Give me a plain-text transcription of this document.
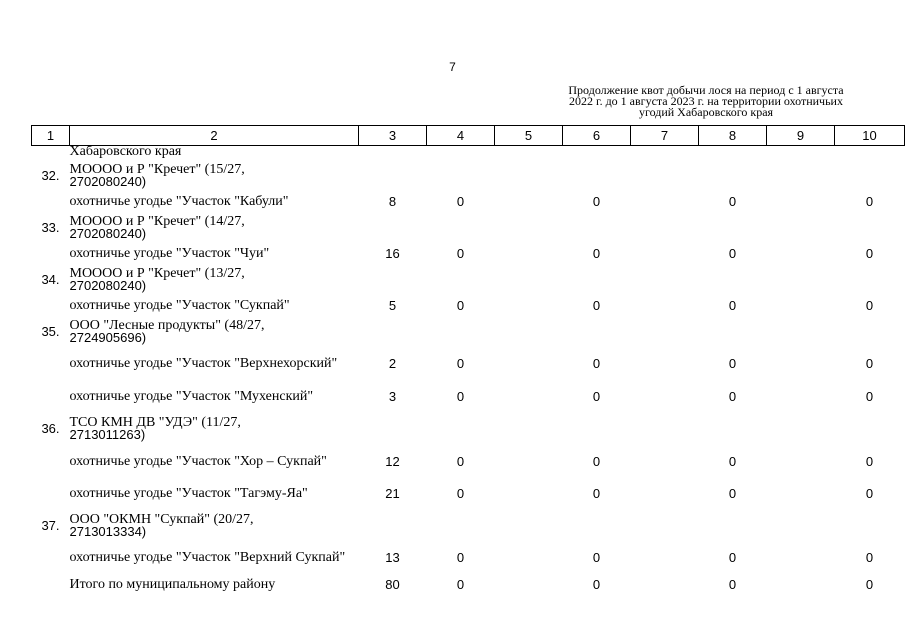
7
Продолжение квот добычи лося на период с 1 августа
2022 г. до 1 августа 2023 г. на территории охотничьих
угодий Хабаровского края
1	2	3	4	5	6	7	8	9	10
	Хабаровского края								
32.	МОООО и Р "Кречет" (15/27,
2702080240)								

	охотничье угодье "Участок "Кабули"	8	0		0		0		0
33.	МОООО и Р "Кречет" (14/27,
2702080240)								

	охотничье угодье "Участок "Чуи"	16	0		0		0		0
34.	МОООО и Р "Кречет" (13/27,
2702080240)								

	охотничье угодье "Участок "Сукпай"	5	0		0		0		0
35.	ООО "Лесные продукты" (48/27,
2724905696)								

	охотничье угодье "Участок "Верхнехорский"	2	0		0		0		0
	охотничье угодье "Участок "Мухенский"	3	0		0		0		0
36.	ТСО КМН ДВ "УДЭ" (11/27,
2713011263)								

	охотничье угодье "Участок "Хор – Сукпай"	12	0		0		0		0
	охотничье угодье "Участок "Тагэму-Яа"	21	0		0		0		0
37.	ООО "ОКМН "Сукпай" (20/27,
2713013334)								

	охотничье угодье "Участок "Верхний Сукпай"	13	0		0		0		0
	Итого по муниципальному району	80	0		0		0		0
